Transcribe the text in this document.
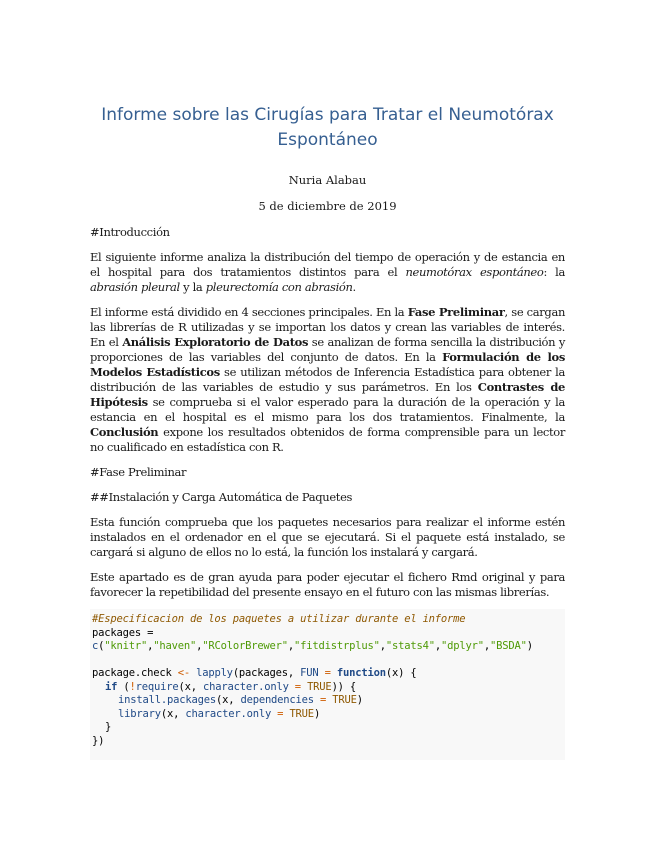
Informe sobre las Cirugías para Tratar el Neumotórax Espontáneo
Nuria Alabau
5 de diciembre de 2019
#Introducción

El siguiente informe analiza la distribución del tiempo de operación y de estancia en el hospital para dos tratamientos distintos para el neumotórax espontáneo: la abrasión pleural y la pleurectomía con abrasión.

El informe está dividido en 4 secciones principales. En la Fase Preliminar, se cargan las librerías de R utilizadas y se importan los datos y crean las variables de interés. En el Análisis Exploratorio de Datos se analizan de forma sencilla la distribución y proporciones de las variables del conjunto de datos. En la Formulación de los Modelos Estadísticos se utilizan métodos de Inferencia Estadística para obtener la distribución de las variables de estudio y sus parámetros. En los Contrastes de Hipótesis se comprueba si el valor esperado para la duración de la operación y la estancia en el hospital es el mismo para los dos tratamientos. Finalmente, la Conclusión expone los resultados obtenidos de forma comprensible para un lector no cualificado en estadística con R.

#Fase Preliminar
##Instalación y Carga Automática de Paquetes

Esta función comprueba que los paquetes necesarios para realizar el informe estén instalados en el ordenador en el que se ejecutará. Si el paquete está instalado, se cargará si alguno de ellos no lo está, la función los instalará y cargará.

Este apartado es de gran ayuda para poder ejecutar el fichero Rmd original y para favorecer la repetibilidad del presente ensayo en el futuro con las mismas librerías.

#Especificacion de los paquetes a utilizar durante el informe
packages =
c("knitr","haven","RColorBrewer","fitdistrplus","stats4","dplyr","BSDA")
package.check <- lapply(packages, FUN = function(x) {
if (!require(x, character.only = TRUE)) {
install.packages(x, dependencies = TRUE)
library(x, character.only = TRUE)
}
})
